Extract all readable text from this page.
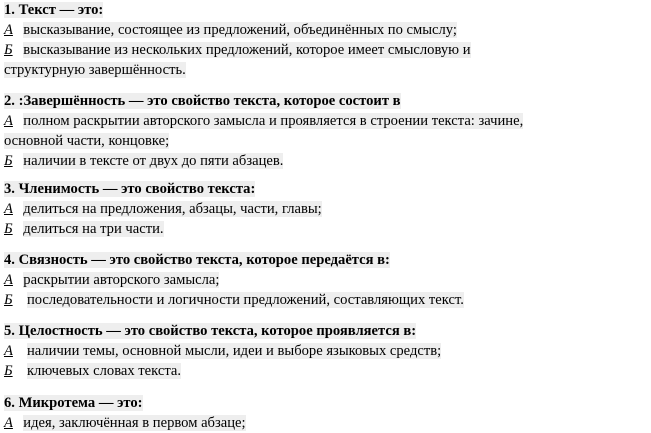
1. Текст — это:
А высказывание, состоящее из предложений, объединённых по смыслу;
Б высказывание из нескольких предложений, которое имеет смысловую и
структурную завершённость.
2. :Завершённость — это свойство текста, которое состоит в
А полном раскрытии авторского замысла и проявляется в строении текста: зачине,
основной части, концовке;
Б наличии в тексте от двух до пяти абзацев.
3. Членимость — это свойство текста:
А делиться на предложения, абзацы, части, главы;
Б делиться на три части.
4. Связность — это свойство текста, которое передаётся в:
А раскрытии авторского замысла;
Б последовательности и логичности предложений, составляющих текст.
5. Целостность — это свойство текста, которое проявляется в:
А наличии темы, основной мысли, идеи и выборе языковых средств;
Б ключевых словах текста.
6. Микротема — это:
А идея, заключённая в первом абзаце;
